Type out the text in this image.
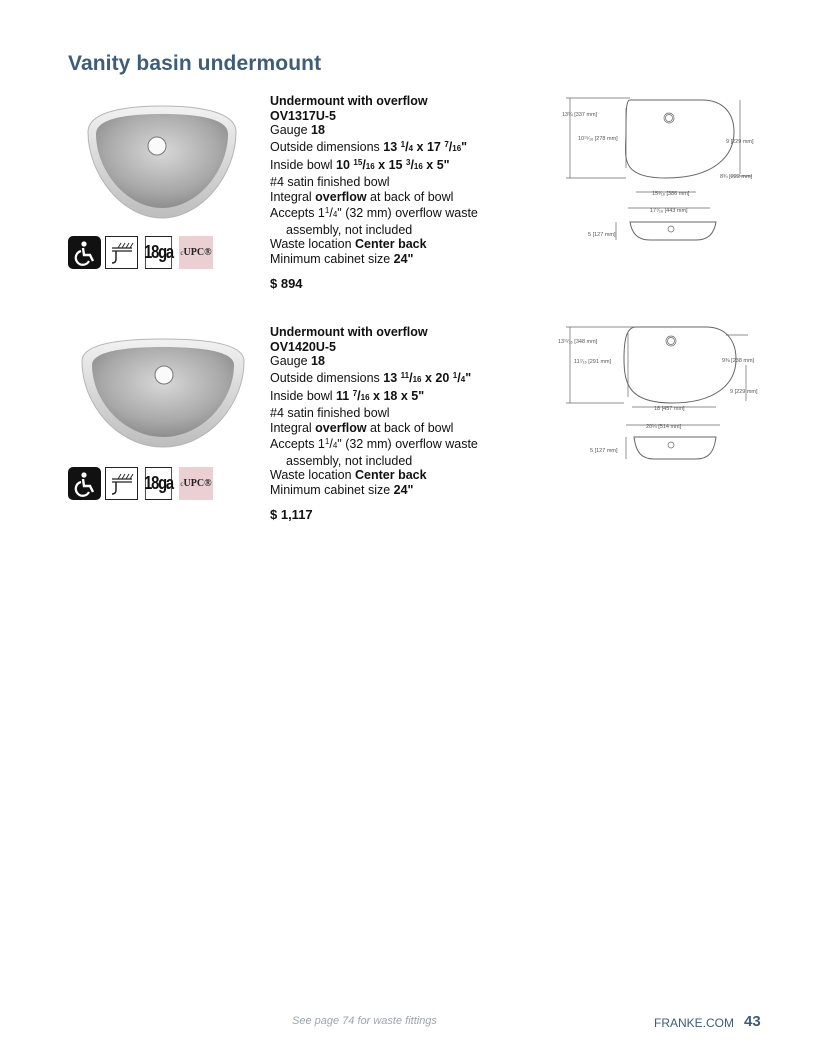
Vanity basin undermount
18ga c UPC®
Undermount with overflow
OV1317U-5
Gauge 18
Outside dimensions 13 $^1$/4 x 17 $^7$/16"
Inside bowl 10 $^{15}$/16 x 15 $^3$/16 x 5"
#4 satin finished bowl
Integral overflow at back of bowl
Accepts $1^1/4$" (32 mm) overflow waste
assembly, not included
Waste location Center back
Minimum cabinet size 24"
$ 894
13¼ [337 mm]
10¹⁵⁄₁₆ [278 mm]	9 [229 mm]
8¾ [222 mm]
15³⁄₁₆ [386 mm]
17⁷⁄₁₆ [443 mm]
5 [127 mm]
18ga c UPC®
Undermount with overflow
OV1420U-5
Gauge 18
Outside dimensions 13 $^{11}$/16 x 20 $^1$/4"
Inside bowl 11 $^7$/16 x 18 x 5"
#4 satin finished bowl
Integral overflow at back of bowl
Accepts $1^1/4$" (32 mm) overflow waste
assembly, not included
Waste location Center back
Minimum cabinet size 24"
$ 1,117
13¹¹⁄₁₆ [348 mm]
11⁷⁄₁₆ [291 mm]	9⅜ [238 mm]
9 [229 mm]
18 [457 mm]
20¼ [514 mm]
5 [127 mm]
See page 74 for waste fittings	FRANKE.COM 43
